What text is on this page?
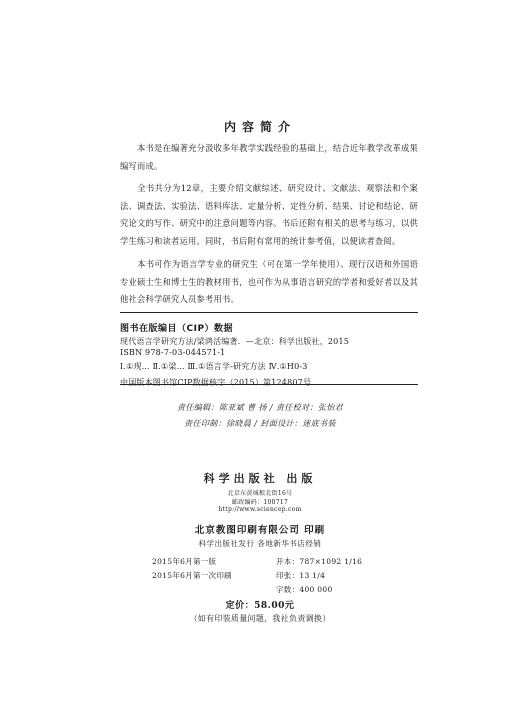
内容简介
本书是在编著充分汲收多年教学实践经验的基础上，结合近年教学改革成果编写而成。
全书共分为12章，主要介绍文献综述、研究设计、文献法、观察法和个案法、调查法、实验法、语料库法、定量分析、定性分析、结果、讨论和结论、研究论文的写作、研究中的注意问题等内容。书后还附有相关的思考与练习，以供学生练习和读者运用。同时，书后附有常用的统计参考值，以便读者查阅。
本书可作为语言学专业的研究生（可在第一学年使用）、现行汉语和外国语专业硕士生和博士生的教材用书，也可作为从事语言研究的学者和爱好者以及其他社会科学研究人员参考用书。
图书在版编目（CIP）数据
现代语言学研究方法/梁鸿活编著．—北京：科学出版社，2015
ISBN 978-7-03-044571-1
Ⅰ.①现… Ⅱ.①梁… Ⅲ.①语言学-研究方法 Ⅳ.①H0-3
中国版本图书馆CIP数据核字（2015）第124807号
责任编辑：陈亚斌 曹 扬 / 责任校对：张怡君
责任印制：徐晓晨 / 封面设计：迷底书装
科学出版社 出版
北京东黄城根北街16号
邮政编码：100717
http://www.sciencep.com
北京教图印刷有限公司 印刷
科学出版社发行 各地新华书店经销
2015年6月第一版	开本：787×1092 1/16
2015年6月第一次印刷	印张：13 1/4
字数：400 000
定价：58.00元
（如有印装质量问题，我社负责调换）
